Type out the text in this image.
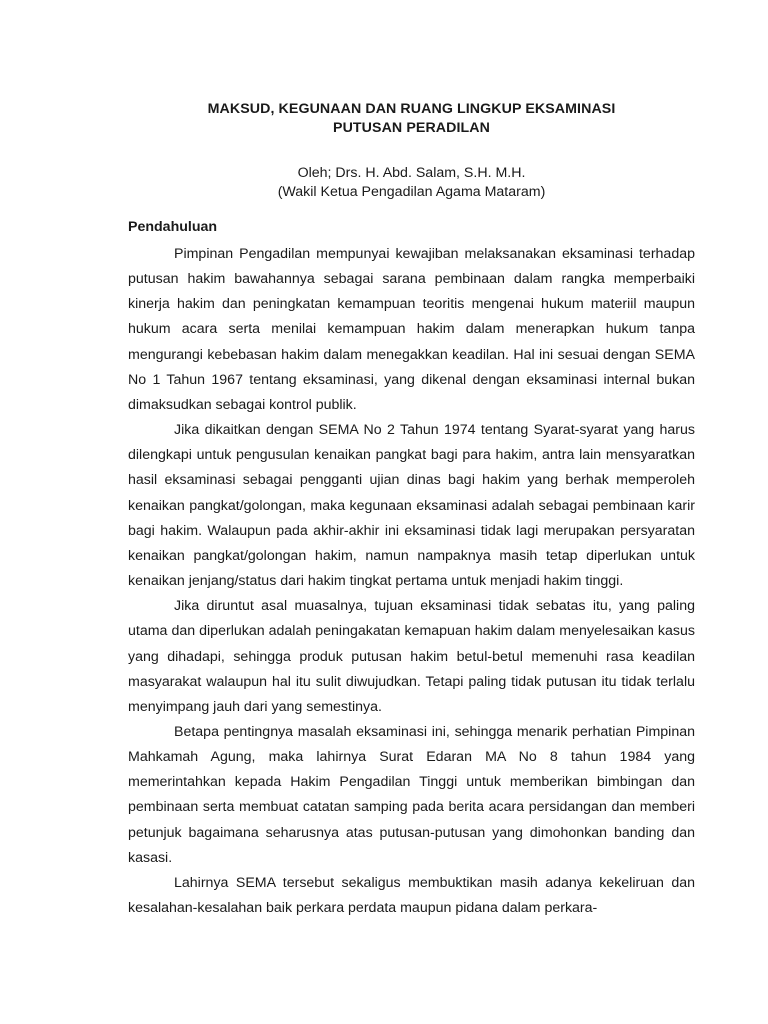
MAKSUD, KEGUNAAN DAN RUANG LINGKUP EKSAMINASI
PUTUSAN PERADILAN
Oleh; Drs. H. Abd. Salam, S.H. M.H.
(Wakil Ketua Pengadilan Agama Mataram)
Pendahuluan

Pimpinan Pengadilan mempunyai kewajiban melaksanakan eksaminasi terhadap putusan hakim bawahannya sebagai sarana pembinaan dalam rangka memperbaiki kinerja hakim dan peningkatan kemampuan teoritis mengenai hukum materiil maupun hukum acara serta menilai kemampuan hakim dalam menerapkan hukum tanpa mengurangi kebebasan hakim dalam menegakkan keadilan. Hal ini sesuai dengan SEMA No 1 Tahun 1967 tentang eksaminasi, yang dikenal dengan eksaminasi internal bukan dimaksudkan sebagai kontrol publik.

Jika dikaitkan dengan SEMA No 2 Tahun 1974 tentang Syarat-syarat yang harus dilengkapi untuk pengusulan kenaikan pangkat bagi para hakim, antra lain mensyaratkan hasil eksaminasi sebagai pengganti ujian dinas bagi hakim yang berhak memperoleh kenaikan pangkat/golongan, maka kegunaan eksaminasi adalah sebagai pembinaan karir bagi hakim. Walaupun pada akhir-akhir ini eksaminasi tidak lagi merupakan persyaratan kenaikan pangkat/golongan hakim, namun nampaknya masih tetap diperlukan untuk kenaikan jenjang/status dari hakim tingkat pertama untuk menjadi hakim tinggi.

Jika diruntut asal muasalnya, tujuan eksaminasi tidak sebatas itu, yang paling utama dan diperlukan adalah peningakatan kemapuan hakim dalam menyelesaikan kasus yang dihadapi, sehingga produk putusan hakim betul-betul memenuhi rasa keadilan masyarakat walaupun hal itu sulit diwujudkan. Tetapi paling tidak putusan itu tidak terlalu menyimpang jauh dari yang semestinya.

Betapa pentingnya masalah eksaminasi ini, sehingga menarik perhatian Pimpinan Mahkamah Agung, maka lahirnya Surat Edaran MA No 8 tahun 1984 yang memerintahkan kepada Hakim Pengadilan Tinggi untuk memberikan bimbingan dan pembinaan serta membuat catatan samping pada berita acara persidangan dan memberi petunjuk bagaimana seharusnya atas putusan-putusan yang dimohonkan banding dan kasasi.

Lahirnya SEMA tersebut sekaligus membuktikan masih adanya kekeliruan dan kesalahan-kesalahan baik perkara perdata maupun pidana dalam perkara-
